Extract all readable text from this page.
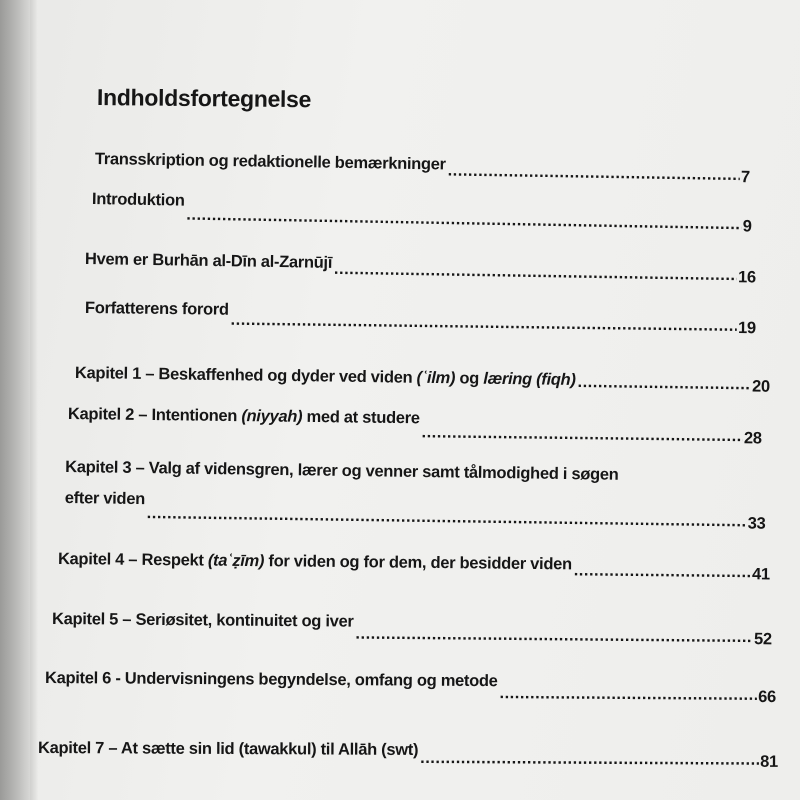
Indholdsfortegnelse
Transskription og redaktionelle bemærkninger
.....
7
Introduktion
.....
9
Hvem er Burhān al-Dīn al-Zarnūjī
.....
16
Forfatterens forord
.....
19
Kapitel 1 – Beskaffenhed og dyder ved viden (ʿilm) og læring (fiqh) .....	20
Kapitel 2 – Intentionen (niyyah) med at studere
.....
28
Kapitel 3 – Valg af vidensgren, lærer og venner samt tålmodighed i søgen
efter viden
.....
33
Kapitel 4 – Respekt (taʿẓīm) for viden og for dem, der besidder viden
.....
41
Kapitel 5 – Seriøsitet, kontinuitet og iver
.....
52
Kapitel 6 - Undervisningens begyndelse, omfang og metode
.....
66
Kapitel 7 – At sætte sin lid (tawakkul) til Allāh (swt)
.....
81
